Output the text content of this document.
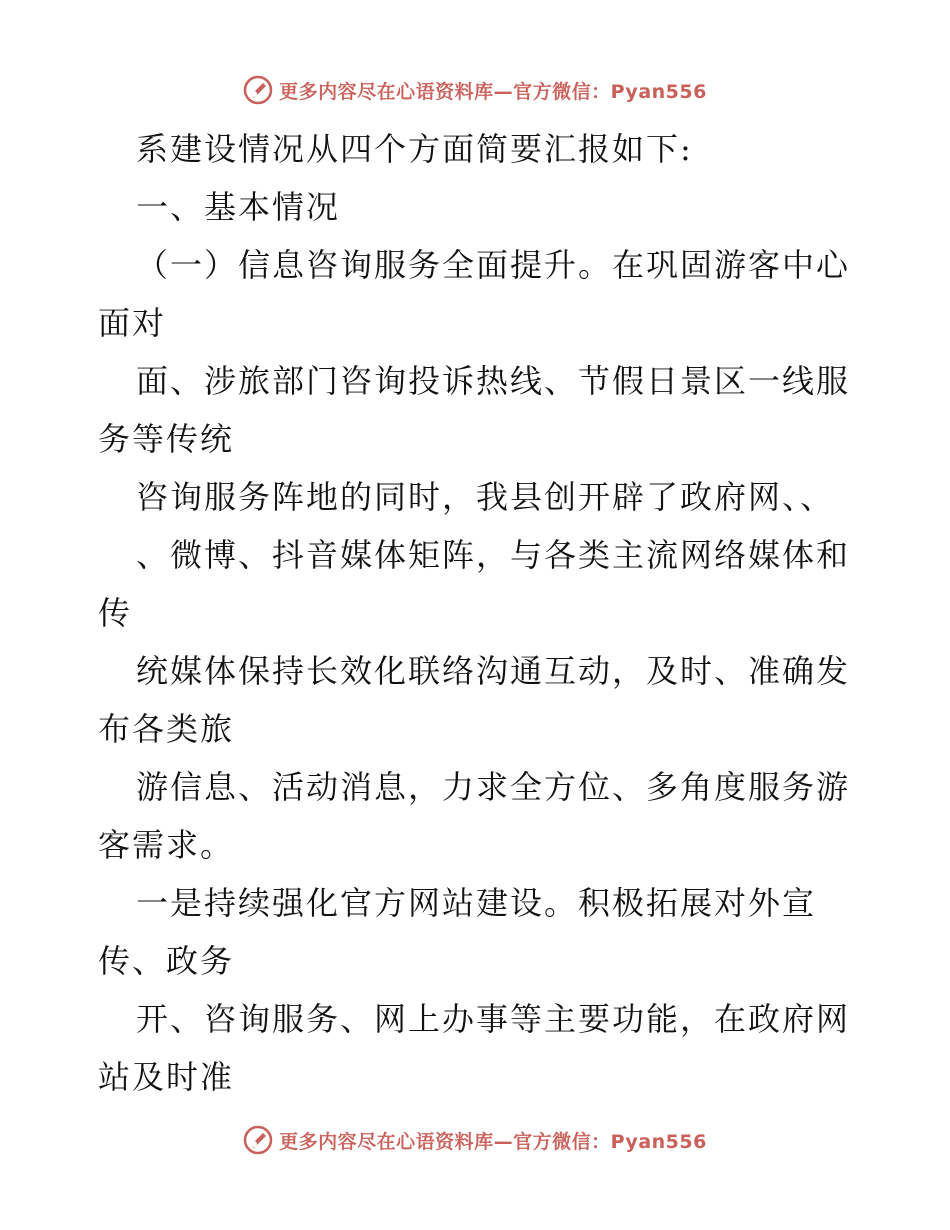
更多内容尽在心语资料库—官方微信：Pyan556
系建设情况从四个方面简要汇报如下:
一、基本情况
（一）信息咨询服务全面提升。在巩固游客中心
面对
面、涉旅部门咨询投诉热线、节假日景区一线服
务等传统
咨询服务阵地的同时，我县创开辟了政府网、、
、微博、抖音媒体矩阵，与各类主流网络媒体和
传
统媒体保持长效化联络沟通互动，及时、准确发
布各类旅
游信息、活动消息，力求全方位、多角度服务游
客需求。
一是持续强化官方网站建设。积极拓展对外宣
传、政务
开、咨询服务、网上办事等主要功能，在政府网
站及时准
更多内容尽在心语资料库—官方微信：Pyan556
